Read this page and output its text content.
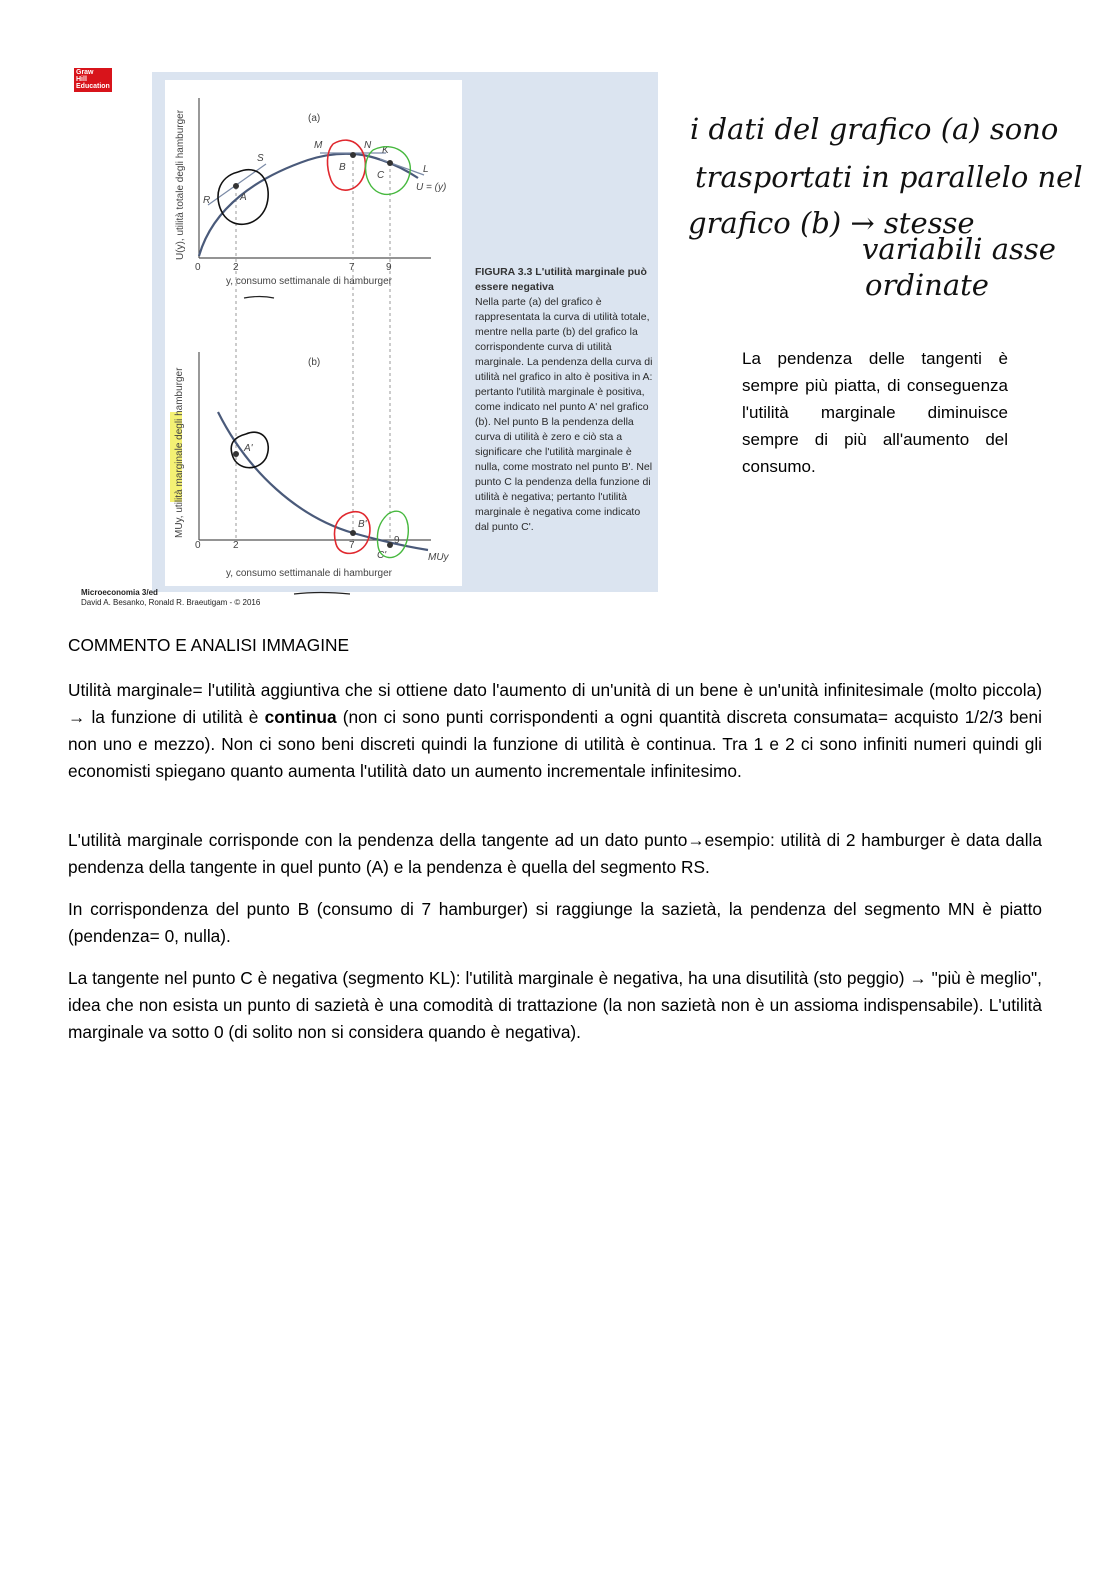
Graw
Hill
Education
U(y), utilità totale degli hamburger	(a)
R
S
A
M	N
B
K
C
L
U = (y)
0	2	7	9
y, consumo settimanale di hamburger
MUy, utilità marginale degli hamburger
(b)
A'
B'
C'	MUy
0	2	7	9
y, consumo settimanale di hamburger
FIGURA 3.3 L'utilità marginale può essere negativa
Nella parte (a) del grafico è rappresentata la curva di utilità totale, mentre nella parte (b) del grafico la corrispondente curva di utilità marginale. La pendenza della curva di utilità nel grafico in alto è positiva in A: pertanto l'utilità marginale è positiva, come indicato nel punto A' nel grafico (b). Nel punto B la pendenza della curva di utilità è zero e ciò sta a significare che l'utilità marginale è nulla, come mostrato nel punto B'. Nel punto C la pendenza della funzione di utilità è negativa; pertanto l'utilità marginale è negativa come indicato dal punto C'.
Microeconomia 3/ed
David A. Besanko, Ronald R. Braeutigam - © 2016
i dati del grafico (a) sono
trasportati in parallelo nel
grafico (b) → stesse
variabili asse
ordinate
La pendenza delle tangenti è sempre più piatta, di conseguenza l'utilità marginale diminuisce sempre di più all'aumento del consumo.
COMMENTO E ANALISI IMMAGINE
Utilità marginale= l'utilità aggiuntiva che si ottiene dato l'aumento di un'unità di un bene è un'unità infinitesimale (molto piccola) → la funzione di utilità è continua (non ci sono punti corrispondenti a ogni quantità discreta consumata= acquisto 1/2/3 beni non uno e mezzo). Non ci sono beni discreti quindi la funzione di utilità è continua. Tra 1 e 2 ci sono infiniti numeri quindi gli economisti spiegano quanto aumenta l'utilità dato un aumento incrementale infinitesimo.
L'utilità marginale corrisponde con la pendenza della tangente ad un dato punto→esempio: utilità di 2 hamburger è data dalla pendenza della tangente in quel punto (A) e la pendenza è quella del segmento RS.
In corrispondenza del punto B (consumo di 7 hamburger) si raggiunge la sazietà, la pendenza del segmento MN è piatto (pendenza= 0, nulla).
La tangente nel punto C è negativa (segmento KL): l'utilità marginale è negativa, ha una disutilità (sto peggio) → "più è meglio", idea che non esista un punto di sazietà è una comodità di trattazione (la non sazietà non è un assioma indispensabile). L'utilità marginale va sotto 0 (di solito non si considera quando è negativa).
